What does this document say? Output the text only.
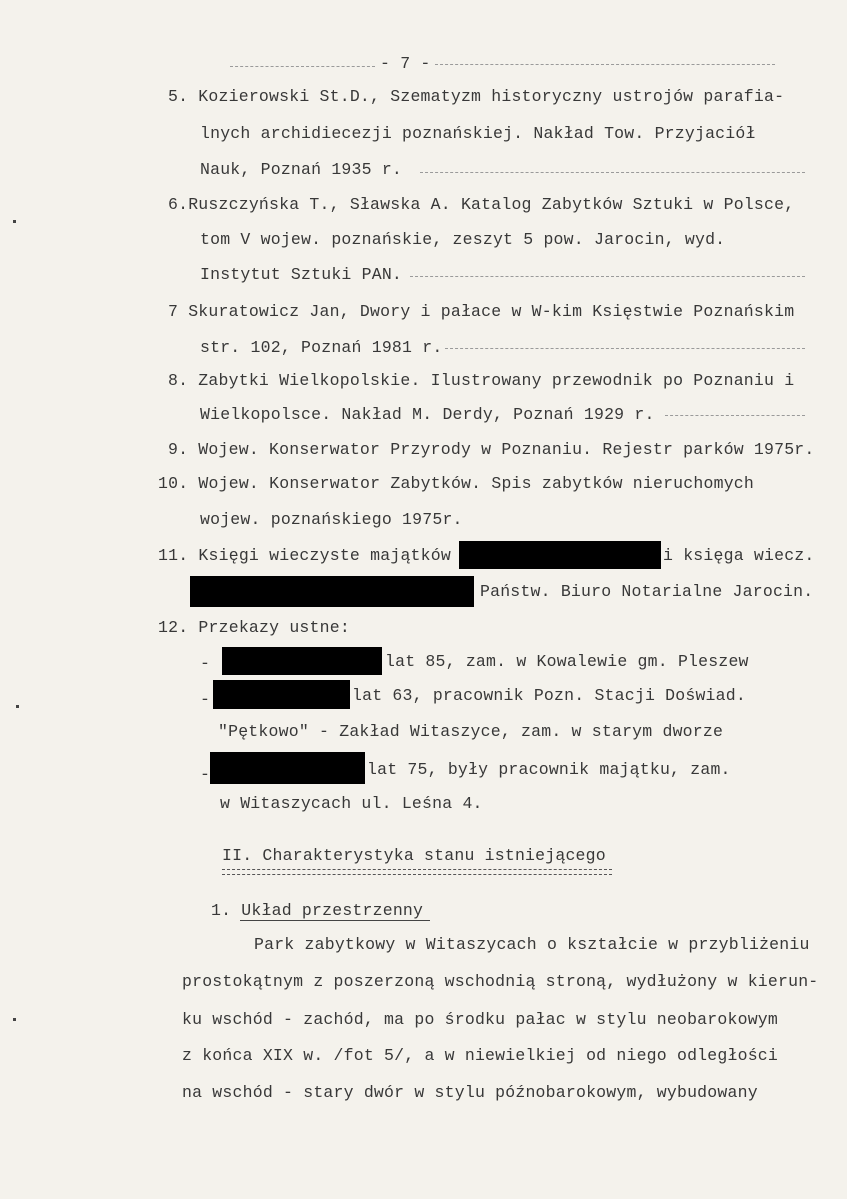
- 7 -
5. Kozierowski St.D., Szematyzm historyczny ustrojów parafia-
lnych archidiecezji poznańskiej. Nakład Tow. Przyjaciół
Nauk, Poznań 1935 r.
6.Ruszczyńska T., Sławska A. Katalog Zabytków Sztuki w Polsce,
tom V wojew. poznańskie, zeszyt 5 pow. Jarocin, wyd.
Instytut Sztuki PAN.
7 Skuratowicz Jan, Dwory i pałace w W-kim Księstwie Poznańskim
str. 102, Poznań 1981 r.
8. Zabytki Wielkopolskie. Ilustrowany przewodnik po Poznaniu i
Wielkopolsce. Nakład M. Derdy, Poznań 1929 r.
9. Wojew. Konserwator Przyrody w Poznaniu. Rejestr parków 1975r.
10. Wojew. Konserwator Zabytków. Spis zabytków nieruchomych
wojew. poznańskiego 1975r.
11. Księgi wieczyste majątków	i księga wiecz.
Państw. Biuro Notarialne Jarocin.
12. Przekazy ustne:
-	lat 85, zam. w Kowalewie gm. Pleszew
-	lat 63, pracownik Pozn. Stacji Doświad.
"Pętkowo" - Zakład Witaszyce, zam. w starym dworze
-	lat 75, były pracownik majątku, zam.
w Witaszycach ul. Leśna 4.
II. Charakterystyka stanu istniejącego
1. Układ przestrzenny
Park zabytkowy w Witaszycach o kształcie w przybliżeniu
prostokątnym z poszerzoną wschodnią stroną, wydłużony w kierun-
ku wschód - zachód, ma po środku pałac w stylu neobarokowym
z końca XIX w. /fot 5/, a w niewielkiej od niego odległości
na wschód - stary dwór w stylu późnobarokowym, wybudowany
